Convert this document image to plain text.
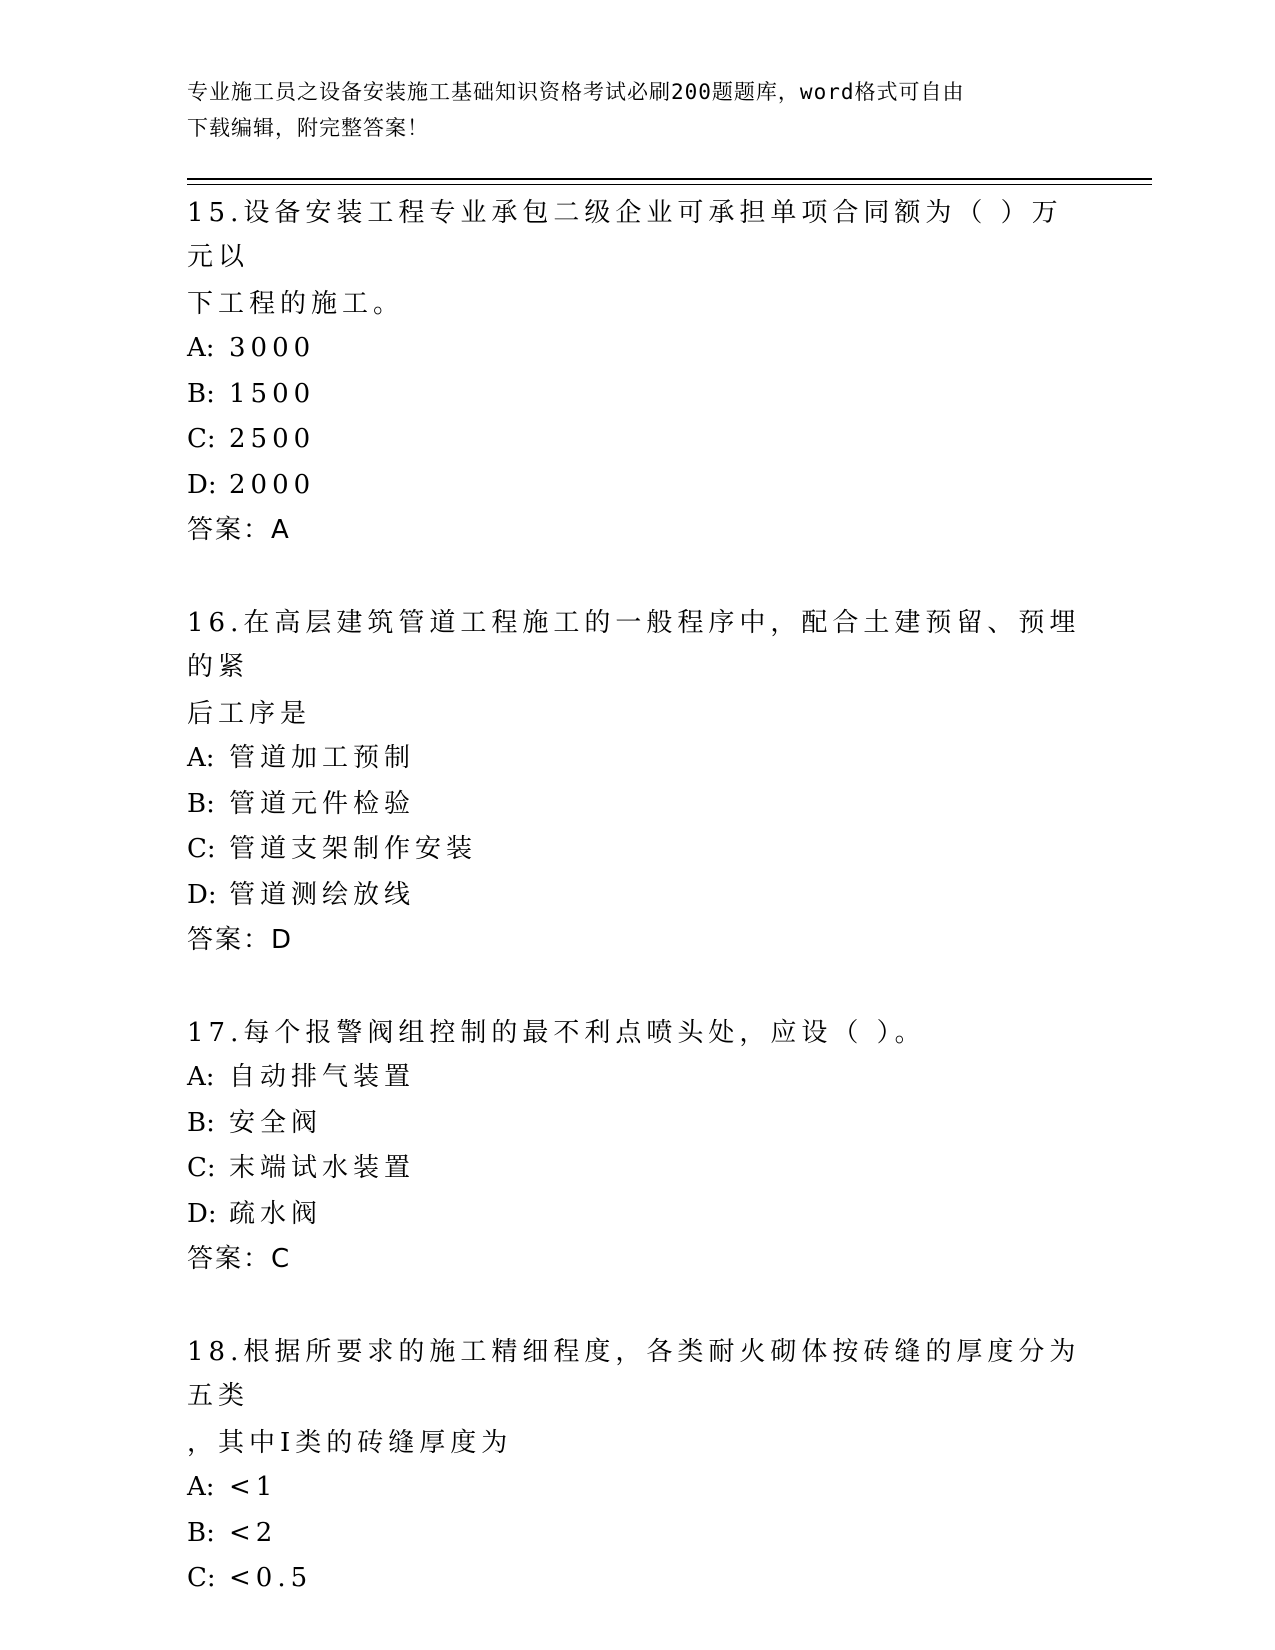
专业施工员之设备安装施工基础知识资格考试必刷200题题库，word格式可自由
下载编辑，附完整答案！
15.设备安装工程专业承包二级企业可承担单项合同额为（ ）万元以
下工程的施工。
A: 3000
B: 1500
C: 2500
D: 2000
答案：A
16.在高层建筑管道工程施工的一般程序中，配合土建预留、预埋的紧
后工序是
A: 管道加工预制
B: 管道元件检验
C: 管道支架制作安装
D: 管道测绘放线
答案：D
17.每个报警阀组控制的最不利点喷头处，应设（ ）。
A: 自动排气装置
B: 安全阀
C: 末端试水装置
D: 疏水阀
答案：C
18.根据所要求的施工精细程度，各类耐火砌体按砖缝的厚度分为五类
，其中Ⅰ类的砖缝厚度为
A: <1
B: <2
C: <0.5
